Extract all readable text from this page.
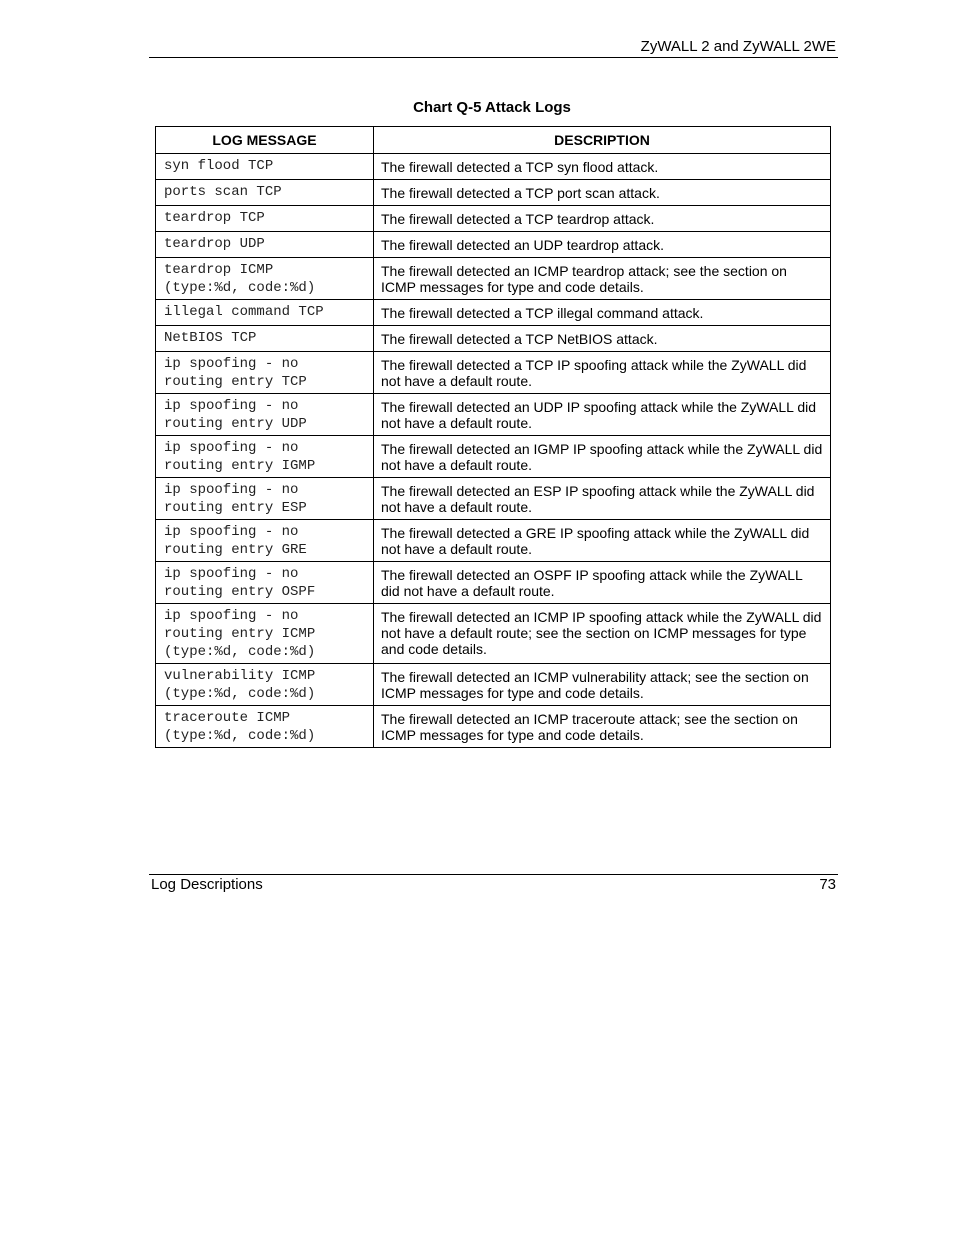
ZyWALL 2 and ZyWALL 2WE
Chart Q-5 Attack Logs
LOG MESSAGE	DESCRIPTION
syn flood TCP	The firewall detected a TCP syn flood attack.
ports scan TCP	The firewall detected a TCP port scan attack.
teardrop TCP	The firewall detected a TCP teardrop attack.
teardrop UDP	The firewall detected an UDP teardrop attack.
teardrop ICMP
(type:%d, code:%d)	The firewall detected an ICMP teardrop attack; see the section on ICMP messages for type and code details.
illegal command TCP	The firewall detected a TCP illegal command attack.
NetBIOS TCP	The firewall detected a TCP NetBIOS attack.
ip spoofing - no
routing entry TCP	The firewall detected a TCP IP spoofing attack while the ZyWALL did not have a default route.
ip spoofing - no
routing entry UDP	The firewall detected an UDP IP spoofing attack while the ZyWALL did not have a default route.
ip spoofing - no
routing entry IGMP	The firewall detected an IGMP IP spoofing attack while the ZyWALL did not have a default route.
ip spoofing - no
routing entry ESP	The firewall detected an ESP IP spoofing attack while the ZyWALL did not have a default route.
ip spoofing - no
routing entry GRE	The firewall detected a GRE IP spoofing attack while the ZyWALL did not have a default route.
ip spoofing - no
routing entry OSPF	The firewall detected an OSPF IP spoofing attack while the ZyWALL did not have a default route.
ip spoofing - no
routing entry ICMP
(type:%d, code:%d)	The firewall detected an ICMP IP spoofing attack while the ZyWALL did not have a default route; see the section on ICMP messages for type and code details.
vulnerability ICMP
(type:%d, code:%d)	The firewall detected an ICMP vulnerability attack; see the section on ICMP messages for type and code details.
traceroute ICMP
(type:%d, code:%d)	The firewall detected an ICMP traceroute attack; see the section on ICMP messages for type and code details.
Log Descriptions	73
